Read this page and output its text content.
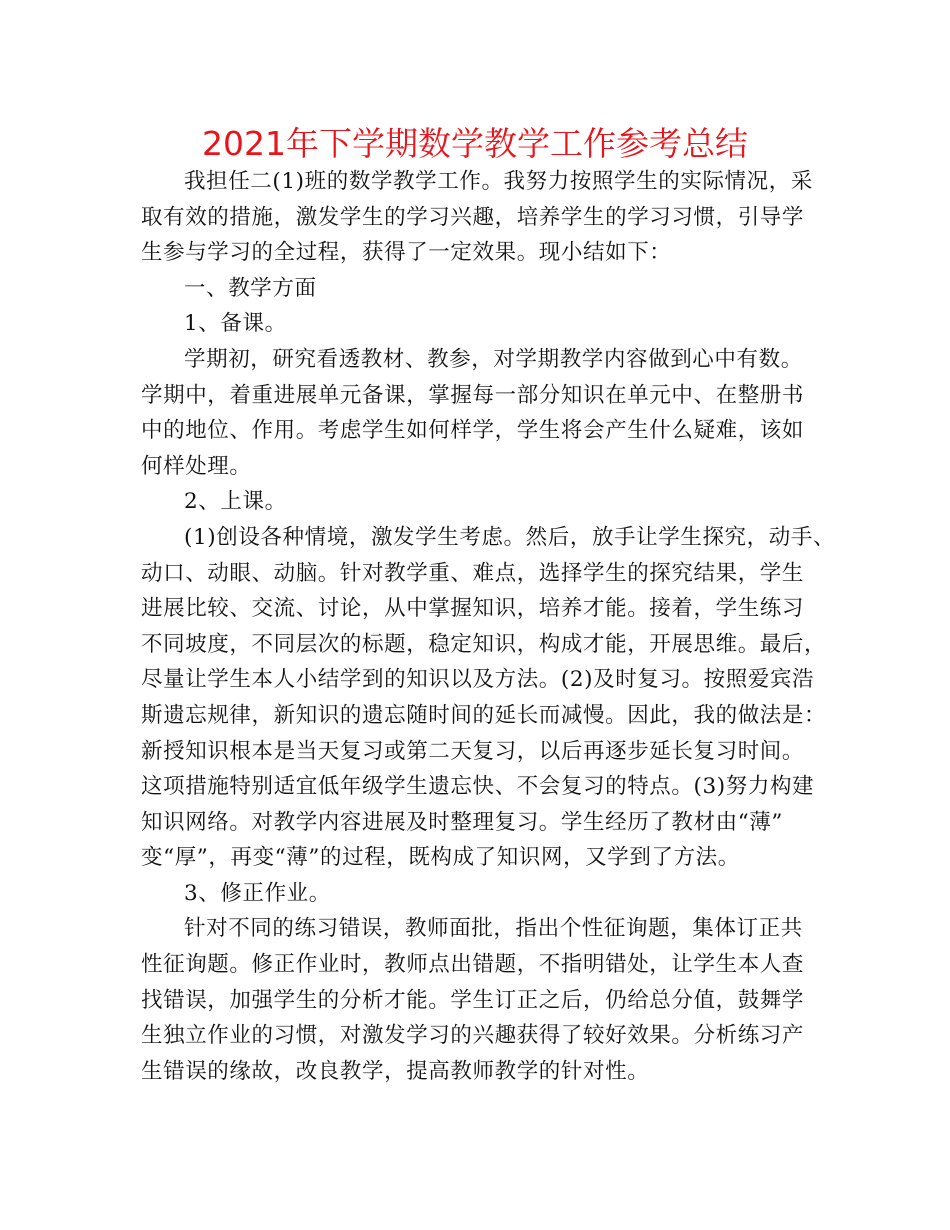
2021年下学期数学教学工作参考总结
我担任二(1)班的数学教学工作。我努力按照学生的实际情况，采
取有效的措施，激发学生的学习兴趣，培养学生的学习习惯，引导学
生参与学习的全过程，获得了一定效果。现小结如下：
一、教学方面
1、备课。
学期初，研究看透教材、教参，对学期教学内容做到心中有数。
学期中，着重进展单元备课，掌握每一部分知识在单元中、在整册书
中的地位、作用。考虑学生如何样学，学生将会产生什么疑难，该如
何样处理。
2、上课。
(1)创设各种情境，激发学生考虑。然后，放手让学生探究，动手、
动口、动眼、动脑。针对教学重、难点，选择学生的探究结果，学生
进展比较、交流、讨论，从中掌握知识，培养才能。接着，学生练习
不同坡度，不同层次的标题，稳定知识，构成才能，开展思维。最后，
尽量让学生本人小结学到的知识以及方法。(2)及时复习。按照爱宾浩
斯遗忘规律，新知识的遗忘随时间的延长而减慢。因此，我的做法是：
新授知识根本是当天复习或第二天复习，以后再逐步延长复习时间。
这项措施特别适宜低年级学生遗忘快、不会复习的特点。(3)努力构建
知识网络。对教学内容进展及时整理复习。学生经历了教材由“薄”
变“厚”，再变“薄”的过程，既构成了知识网，又学到了方法。
3、修正作业。
针对不同的练习错误，教师面批，指出个性征询题，集体订正共
性征询题。修正作业时，教师点出错题，不指明错处，让学生本人查
找错误，加强学生的分析才能。学生订正之后，仍给总分值，鼓舞学
生独立作业的习惯，对激发学习的兴趣获得了较好效果。分析练习产
生错误的缘故，改良教学，提高教师教学的针对性。
